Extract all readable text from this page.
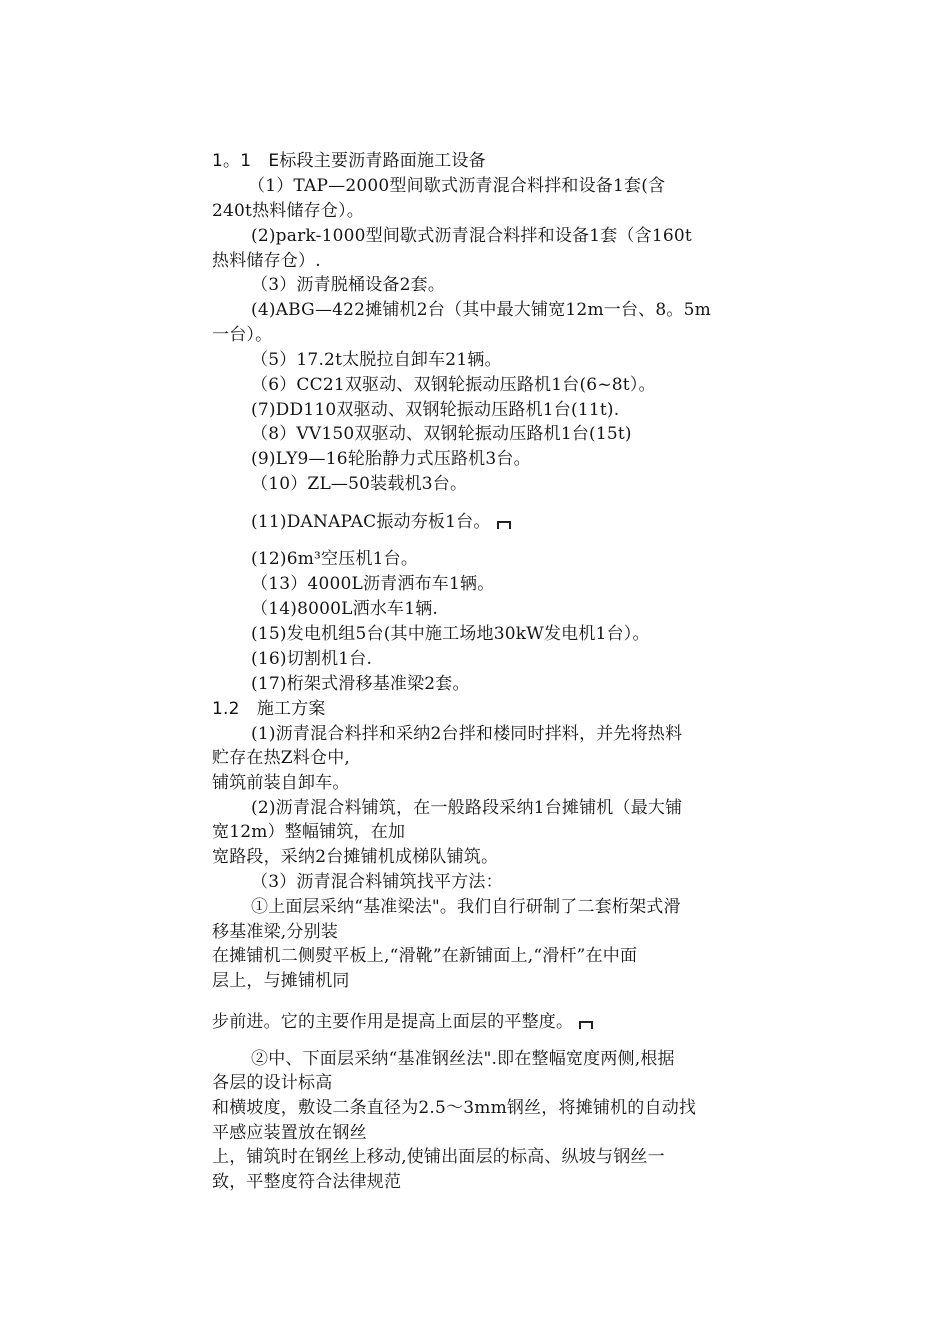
1。1　E标段主要沥青路面施工设备
（1）TAP—2000型间歇式沥青混合料拌和设备1套(含
240t热料储存仓）。
(2)park-1000型间歇式沥青混合料拌和设备1套（含160t
热料储存仓）.
（3）沥青脱桶设备2套。
(4)ABG—422摊铺机2台（其中最大铺宽12m一台、8。5m
一台）。
（5）17.2t太脱拉自卸车21辆。
（6）CC21双驱动、双钢轮振动压路机1台(6~8t）。
(7)DD110双驱动、双钢轮振动压路机1台(11t).
（8）VV150双驱动、双钢轮振动压路机1台(15t)
(9)LY9—16轮胎静力式压路机3台。
（10）ZL—50装载机3台。
(11)DANAPAC振动夯板1台。
(12)6m³空压机1台。
（13）4000L沥青洒布车1辆。
（14)8000L洒水车1辆.
(15)发电机组5台(其中施工场地30kW发电机1台）。
(16)切割机1台.
(17)桁架式滑移基准梁2套。
1.2　施工方案
(1)沥青混合料拌和采纳2台拌和楼同时拌料，并先将热料
贮存在热Z料仓中,
铺筑前装自卸车。
(2)沥青混合料铺筑，在一般路段采纳1台摊铺机（最大铺
宽12m）整幅铺筑，在加
宽路段，采纳2台摊铺机成梯队铺筑。
（3）沥青混合料铺筑找平方法：
①上面层采纳“基准梁法"。我们自行研制了二套桁架式滑
移基准梁,分别装
在摊铺机二侧熨平板上,“滑靴”在新铺面上,“滑杆”在中面
层上，与摊铺机同
步前进。它的主要作用是提高上面层的平整度。
②中、下面层采纳“基准钢丝法".即在整幅宽度两侧,根据
各层的设计标高
和横坡度，敷设二条直径为2.5～3mm钢丝，将摊铺机的自动找
平感应装置放在钢丝
上，铺筑时在钢丝上移动,使铺出面层的标高、纵坡与钢丝一
致，平整度符合法律规范
